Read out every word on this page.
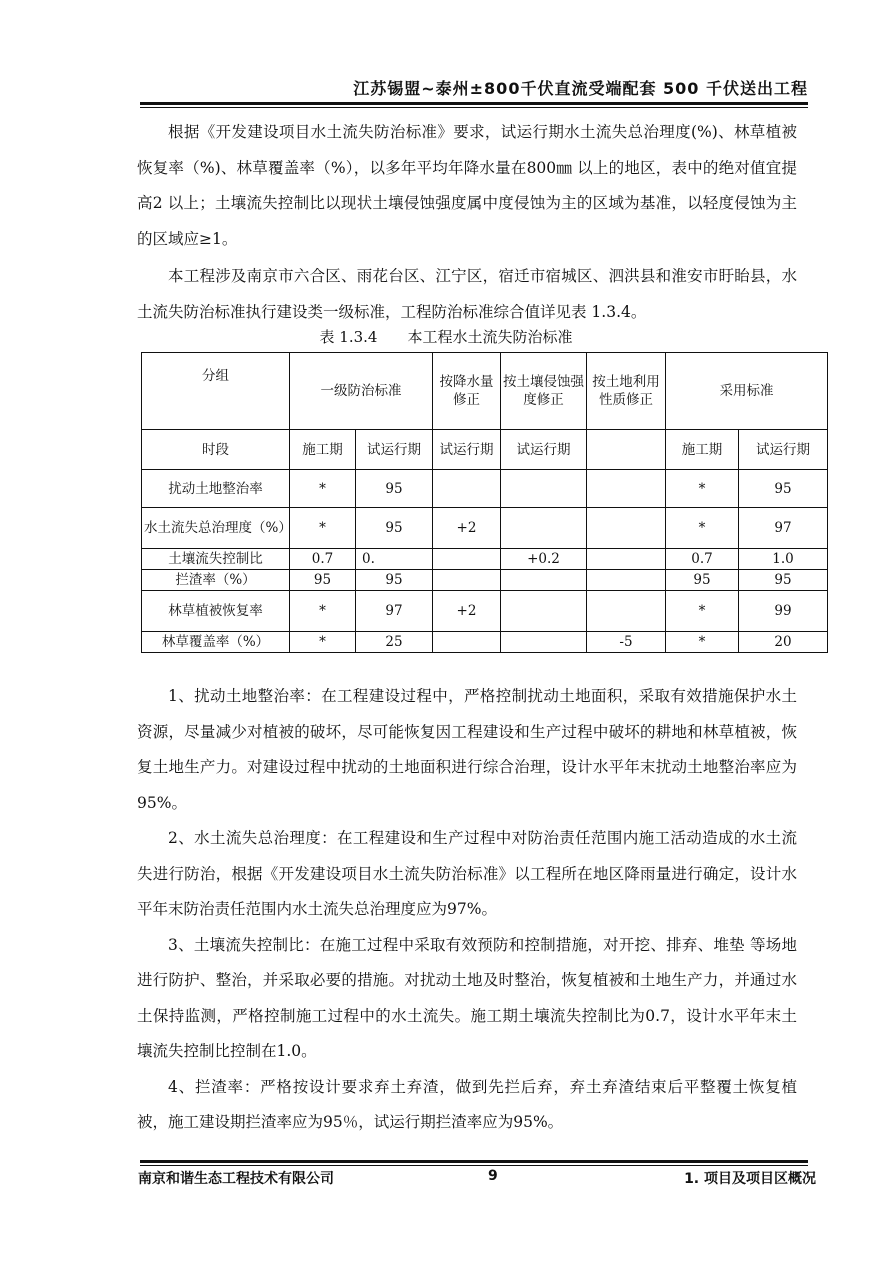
江苏锡盟~泰州±800千伏直流受端配套 500 千伏送出工程

根据《开发建设项目水土流失防治标准》要求，试运行期水土流失总治理度(%)、林草植被恢复率（%)、林草覆盖率（%），以多年平均年降水量在800㎜ 以上的地区，表中的绝对值宜提高2 以上；土壤流失控制比以现状土壤侵蚀强度属中度侵蚀为主的区域为基准，以轻度侵蚀为主的区域应≥1。

本工程涉及南京市六合区、雨花台区、江宁区，宿迁市宿城区、泗洪县和淮安市盱眙县，水土流失防治标准执行建设类一级标准，工程防治标准综合值详见表 1.3.4。

表 1.3.4　　本工程水土流失防治标准
分组	一级防治标准		按降水量修正	按土壤侵蚀强度修正	按土地利用性质修正	采用标准	
时段	施工期	试运行期	试运行期	试运行期		施工期	试运行期
扰动土地整治率	*	95				*	95
水土流失总治理度（%）	*	95	+2			*	97
土壤流失控制比	0.7	0.		+0.2		0.7	1.0
拦渣率（%）	95	95				95	95
林草植被恢复率	*	97	+2			*	99
林草覆盖率（%）	*	25			-5	*	20

1、扰动土地整治率：在工程建设过程中，严格控制扰动土地面积，采取有效措施保护水土资源，尽量减少对植被的破坏，尽可能恢复因工程建设和生产过程中破坏的耕地和林草植被，恢复土地生产力。对建设过程中扰动的土地面积进行综合治理，设计水平年末扰动土地整治率应为95%。

2、水土流失总治理度：在工程建设和生产过程中对防治责任范围内施工活动造成的水土流失进行防治，根据《开发建设项目水土流失防治标准》以工程所在地区降雨量进行确定，设计水平年末防治责任范围内水土流失总治理度应为97%。

3、土壤流失控制比：在施工过程中采取有效预防和控制措施，对开挖、排弃、堆垫 等场地进行防护、整治，并采取必要的措施。对扰动土地及时整治，恢复植被和土地生产力，并通过水土保持监测，严格控制施工过程中的水土流失。施工期土壤流失控制比为0.7，设计水平年末土壤流失控制比控制在1.0。

4、拦渣率：严格按设计要求弃土弃渣，做到先拦后弃，弃土弃渣结束后平整覆土恢复植被，施工建设期拦渣率应为95％，试运行期拦渣率应为95%。

南京和谐生态工程技术有限公司	9	1. 项目及项目区概况
